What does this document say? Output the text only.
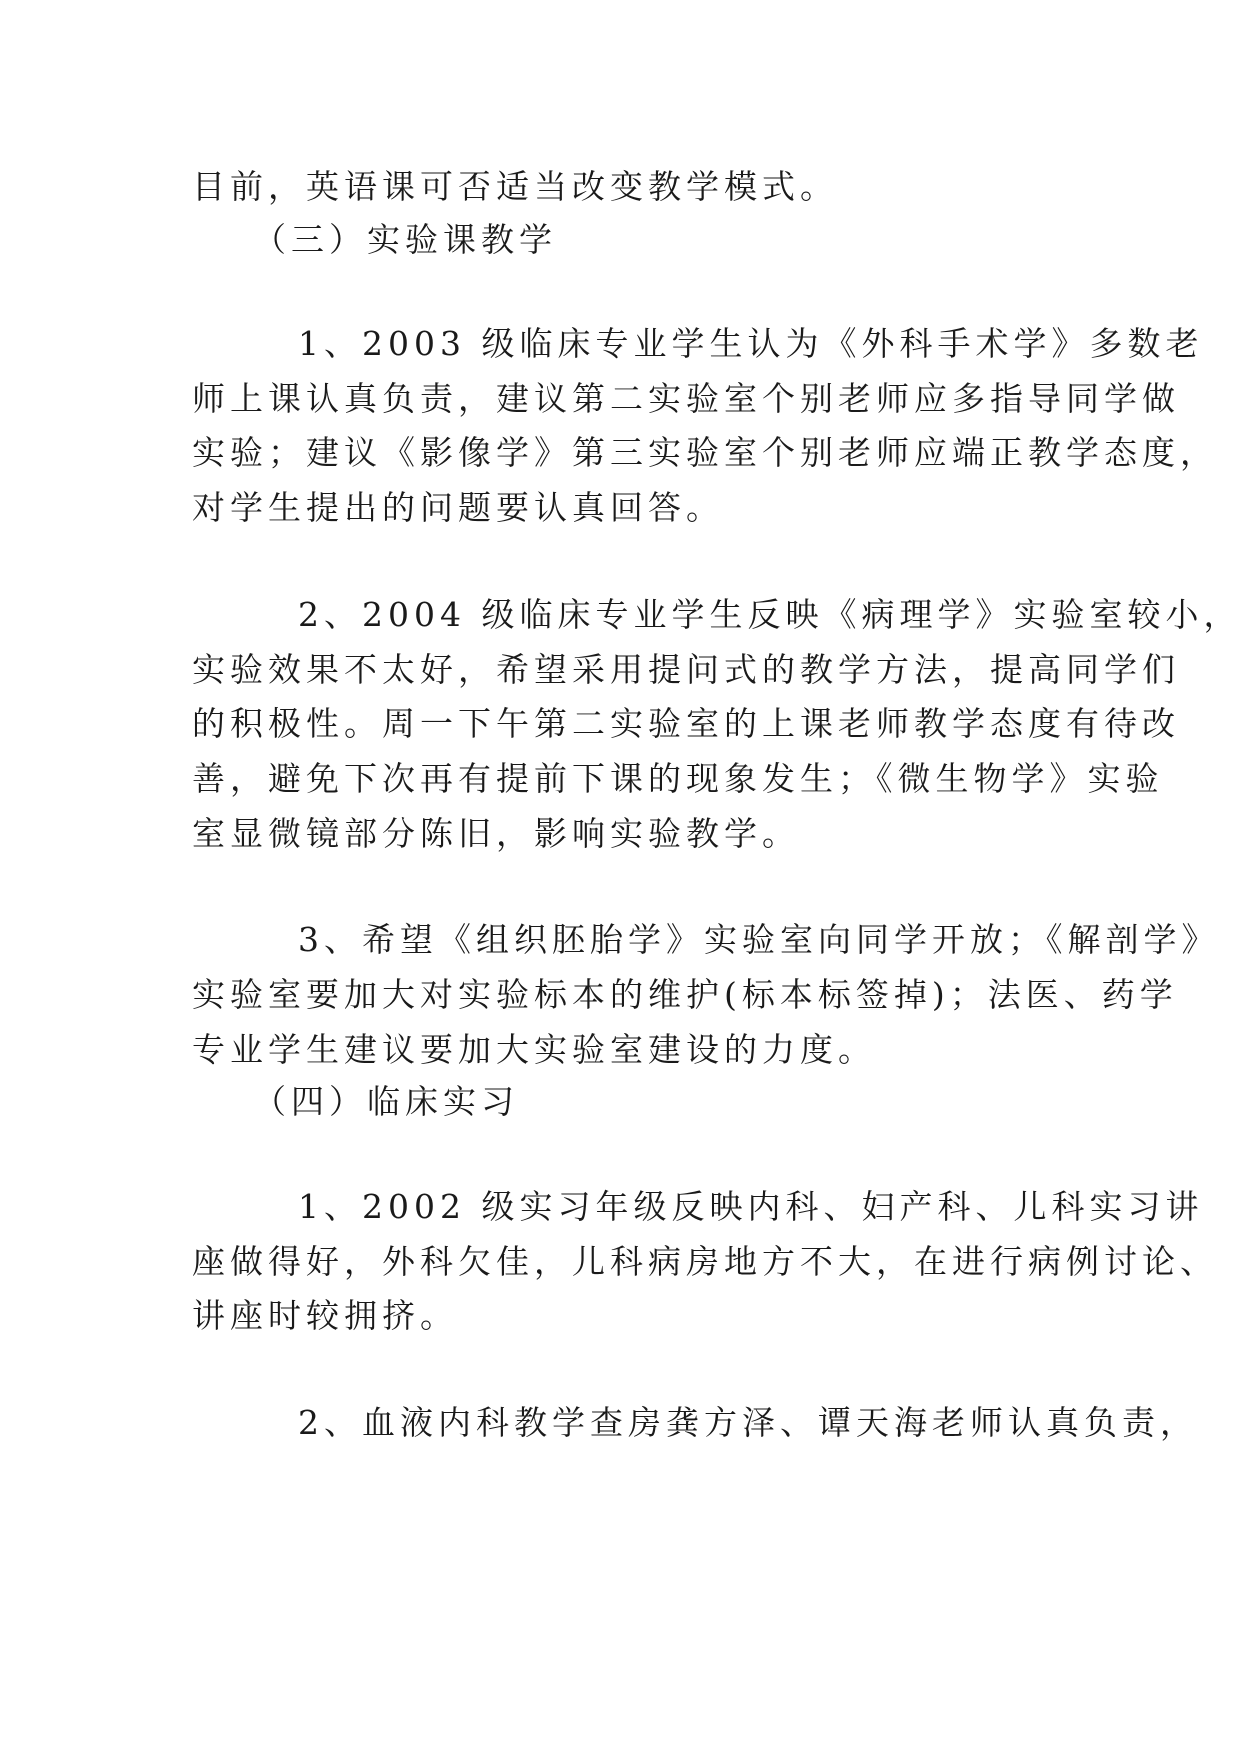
目前，英语课可否适当改变教学模式。
（三）实验课教学
1、2003 级临床专业学生认为《外科手术学》多数老
师上课认真负责，建议第二实验室个别老师应多指导同学做
实验；建议《影像学》第三实验室个别老师应端正教学态度，
对学生提出的问题要认真回答。
2、2004 级临床专业学生反映《病理学》实验室较小，
实验效果不太好，希望采用提问式的教学方法，提高同学们
的积极性。周一下午第二实验室的上课老师教学态度有待改
善，避免下次再有提前下课的现象发生；《微生物学》实验
室显微镜部分陈旧，影响实验教学。
3、希望《组织胚胎学》实验室向同学开放；《解剖学》
实验室要加大对实验标本的维护(标本标签掉)；法医、药学
专业学生建议要加大实验室建设的力度。
（四）临床实习
1、2002 级实习年级反映内科、妇产科、儿科实习讲
座做得好，外科欠佳，儿科病房地方不大，在进行病例讨论、
讲座时较拥挤。
2、血液内科教学查房龚方泽、谭天海老师认真负责，
